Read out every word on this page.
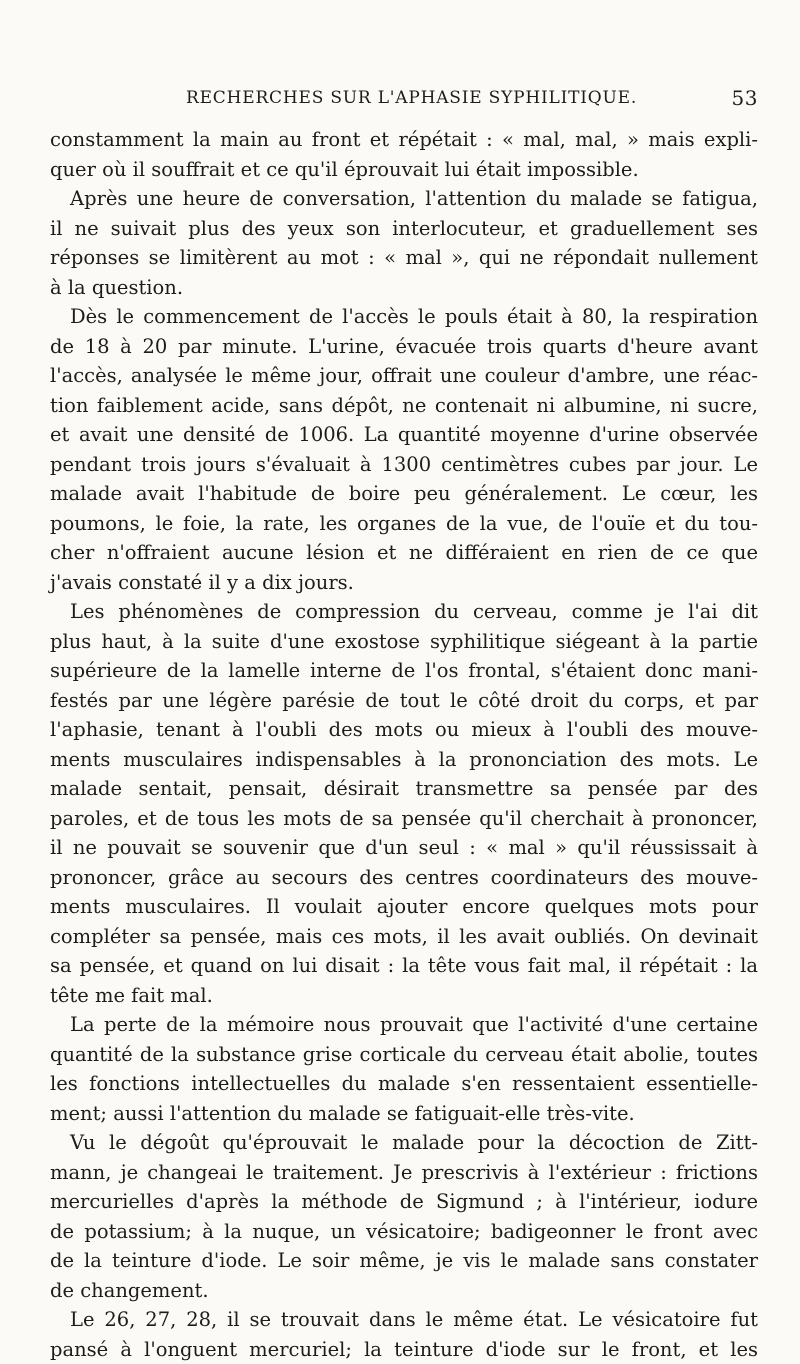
RECHERCHES SUR L'APHASIE SYPHILITIQUE.	53
constamment la main au front et répétait : « mal, mal, » mais expli-
quer où il souffrait et ce qu'il éprouvait lui était impossible.
Après une heure de conversation, l'attention du malade se fatigua,
il ne suivait plus des yeux son interlocuteur, et graduellement ses
réponses se limitèrent au mot : « mal », qui ne répondait nullement
à la question.
Dès le commencement de l'accès le pouls était à 80, la respiration
de 18 à 20 par minute. L'urine, évacuée trois quarts d'heure avant
l'accès, analysée le même jour, offrait une couleur d'ambre, une réac-
tion faiblement acide, sans dépôt, ne contenait ni albumine, ni sucre,
et avait une densité de 1006. La quantité moyenne d'urine observée
pendant trois jours s'évaluait à 1300 centimètres cubes par jour. Le
malade avait l'habitude de boire peu généralement. Le cœur, les
poumons, le foie, la rate, les organes de la vue, de l'ouïe et du tou-
cher n'offraient aucune lésion et ne différaient en rien de ce que
j'avais constaté il y a dix jours.
Les phénomènes de compression du cerveau, comme je l'ai dit
plus haut, à la suite d'une exostose syphilitique siégeant à la partie
supérieure de la lamelle interne de l'os frontal, s'étaient donc mani-
festés par une légère parésie de tout le côté droit du corps, et par
l'aphasie, tenant à l'oubli des mots ou mieux à l'oubli des mouve-
ments musculaires indispensables à la prononciation des mots. Le
malade sentait, pensait, désirait transmettre sa pensée par des
paroles, et de tous les mots de sa pensée qu'il cherchait à prononcer,
il ne pouvait se souvenir que d'un seul : « mal » qu'il réussissait à
prononcer, grâce au secours des centres coordinateurs des mouve-
ments musculaires. Il voulait ajouter encore quelques mots pour
compléter sa pensée, mais ces mots, il les avait oubliés. On devinait
sa pensée, et quand on lui disait : la tête vous fait mal, il répétait : la
tête me fait mal.
La perte de la mémoire nous prouvait que l'activité d'une certaine
quantité de la substance grise corticale du cerveau était abolie, toutes
les fonctions intellectuelles du malade s'en ressentaient essentielle-
ment; aussi l'attention du malade se fatiguait-elle très-vite.
Vu le dégoût qu'éprouvait le malade pour la décoction de Zitt-
mann, je changeai le traitement. Je prescrivis à l'extérieur : frictions
mercurielles d'après la méthode de Sigmund ; à l'intérieur, iodure
de potassium; à la nuque, un vésicatoire; badigeonner le front avec
de la teinture d'iode. Le soir même, je vis le malade sans constater
de changement.
Le 26, 27, 28, il se trouvait dans le même état. Le vésicatoire fut
pansé à l'onguent mercuriel; la teinture d'iode sur le front, et les
